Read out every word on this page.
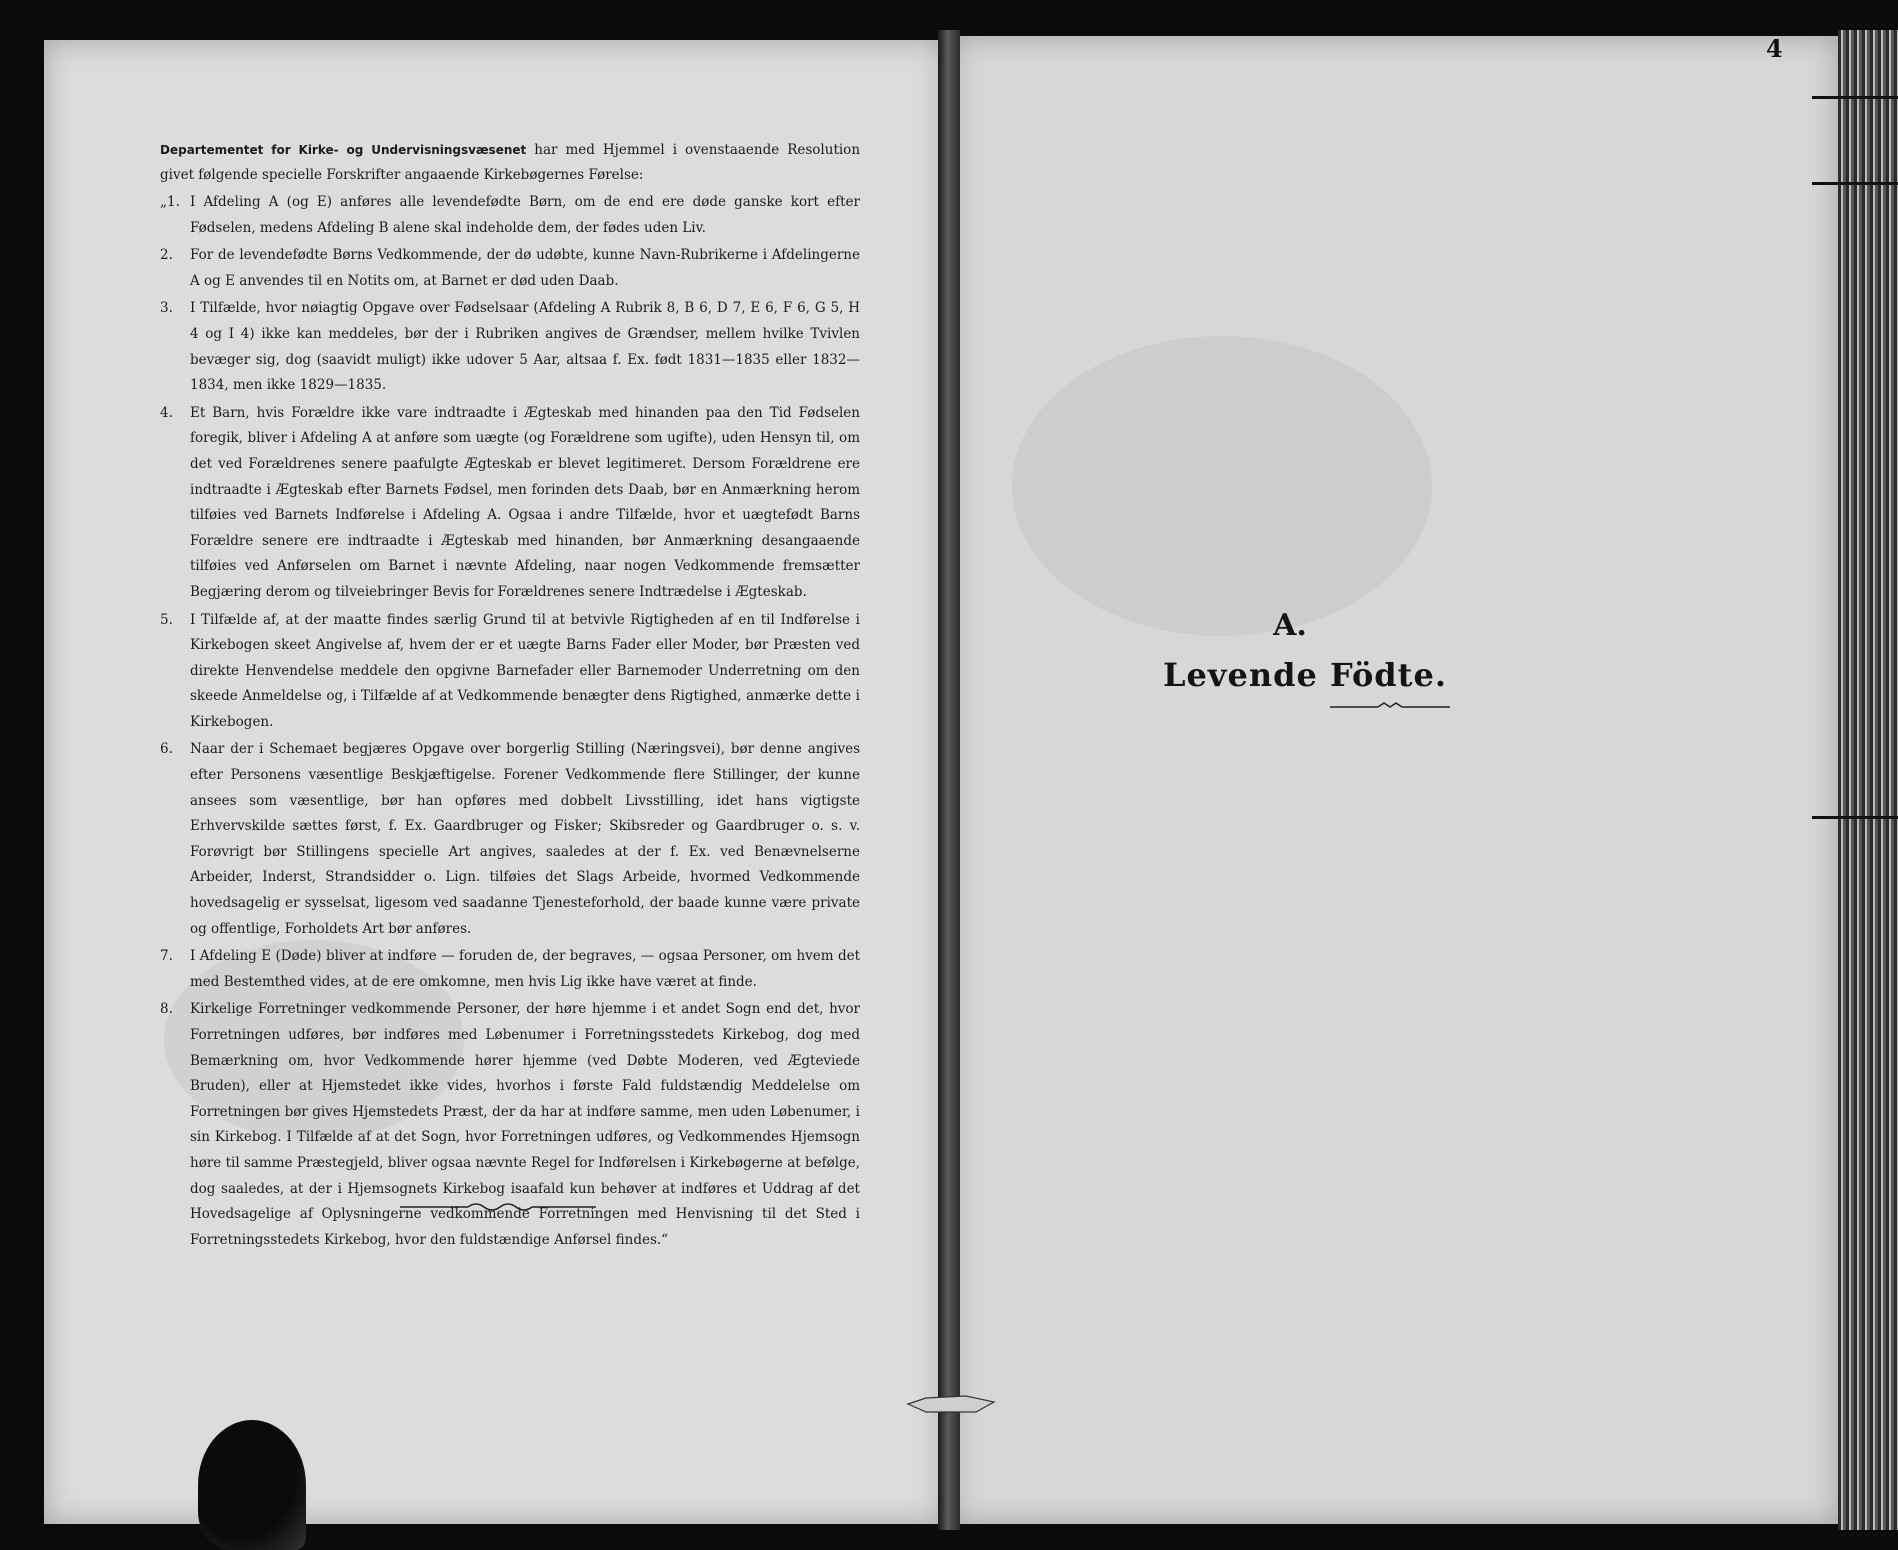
Departementet for Kirke- og Undervisningsvæsenet har med Hjemmel i ovenstaaende Resolution givet følgende specielle Forskrifter angaaende Kirkebøgernes Førelse:

„1. I Afdeling A (og E) anføres alle levendefødte Børn, om de end ere døde ganske kort efter Fødselen, medens Afdeling B alene skal indeholde dem, der fødes uden Liv.
2.	For de levendefødte Børns Vedkommende, der dø udøbte, kunne Navn-Rubrikerne i Afdelingerne A og E anvendes til en Notits om, at Barnet er død uden Daab.
3.	I Tilfælde, hvor nøiagtig Opgave over Fødselsaar (Afdeling A Rubrik 8, B 6, D 7, E 6, F 6, G 5, H 4 og I 4) ikke kan meddeles, bør der i Rubriken angives de Grændser, mellem hvilke Tvivlen bevæger sig, dog (saavidt muligt) ikke udover 5 Aar, altsaa f. Ex. født 1831—1835 eller 1832—1834, men ikke 1829—1835.
4.	Et Barn, hvis Forældre ikke vare indtraadte i Ægteskab med hinanden paa den Tid Fødselen foregik, bliver i Afdeling A at anføre som uægte (og Forældrene som ugifte), uden Hensyn til, om det ved Forældrenes senere paafulgte Ægteskab er blevet legitimeret. Dersom Forældrene ere indtraadte i Ægteskab efter Barnets Fødsel, men forinden dets Daab, bør en Anmærkning herom tilføies ved Barnets Indførelse i Afdeling A. Ogsaa i andre Tilfælde, hvor et uægtefødt Barns Forældre senere ere indtraadte i Ægteskab med hinanden, bør Anmærkning desangaaende tilføies ved Anførselen om Barnet i nævnte Afdeling, naar nogen Vedkommende fremsætter Begjæring derom og tilveiebringer Bevis for Forældrenes senere Indtrædelse i Ægteskab.
5.	I Tilfælde af, at der maatte findes særlig Grund til at betvivle Rigtigheden af en til Indførelse i Kirkebogen skeet Angivelse af, hvem der er et uægte Barns Fader eller Moder, bør Præsten ved direkte Henvendelse meddele den opgivne Barnefader eller Barnemoder Underretning om den skeede Anmeldelse og, i Tilfælde af at Vedkommende benægter dens Rigtighed, anmærke dette i Kirkebogen.
6.	Naar der i Schemaet begjæres Opgave over borgerlig Stilling (Næringsvei), bør denne angives efter Personens væsentlige Beskjæftigelse. Forener Vedkommende flere Stillinger, der kunne ansees som væsentlige, bør han opføres med dobbelt Livsstilling, idet hans vigtigste Erhvervskilde sættes først, f. Ex. Gaardbruger og Fisker; Skibsreder og Gaardbruger o. s. v. Forøvrigt bør Stillingens specielle Art angives, saaledes at der f. Ex. ved Benævnelserne Arbeider, Inderst, Strandsidder o. Lign. tilføies det Slags Arbeide, hvormed Vedkommende hovedsagelig er sysselsat, ligesom ved saadanne Tjenesteforhold, der baade kunne være private og offentlige, Forholdets Art bør anføres.
7.	I Afdeling E (Døde) bliver at indføre — foruden de, der begraves, — ogsaa Personer, om hvem det med Bestemthed vides, at de ere omkomne, men hvis Lig ikke have været at finde.
8.	Kirkelige Forretninger vedkommende Personer, der høre hjemme i et andet Sogn end det, hvor Forretningen udføres, bør indføres med Løbenumer i Forretningsstedets Kirkebog, dog med Bemærkning om, hvor Vedkommende hører hjemme (ved Døbte Moderen, ved Ægteviede Bruden), eller at Hjemstedet ikke vides, hvorhos i første Fald fuldstændig Meddelelse om Forretningen bør gives Hjemstedets Præst, der da har at indføre samme, men uden Løbenumer, i sin Kirkebog. I Tilfælde af at det Sogn, hvor Forretningen udføres, og Vedkommendes Hjemsogn høre til samme Præstegjeld, bliver ogsaa nævnte Regel for Indførelsen i Kirkebøgerne at befølge, dog saaledes, at der i Hjemsognets Kirkebog isaafald kun behøver at indføres et Uddrag af det Hovedsagelige af Oplysningerne vedkommende Forretningen med Henvisning til det Sted i Forretningsstedets Kirkebog, hvor den fuldstændige Anførsel findes.“
4
A.
Levende Födte.
